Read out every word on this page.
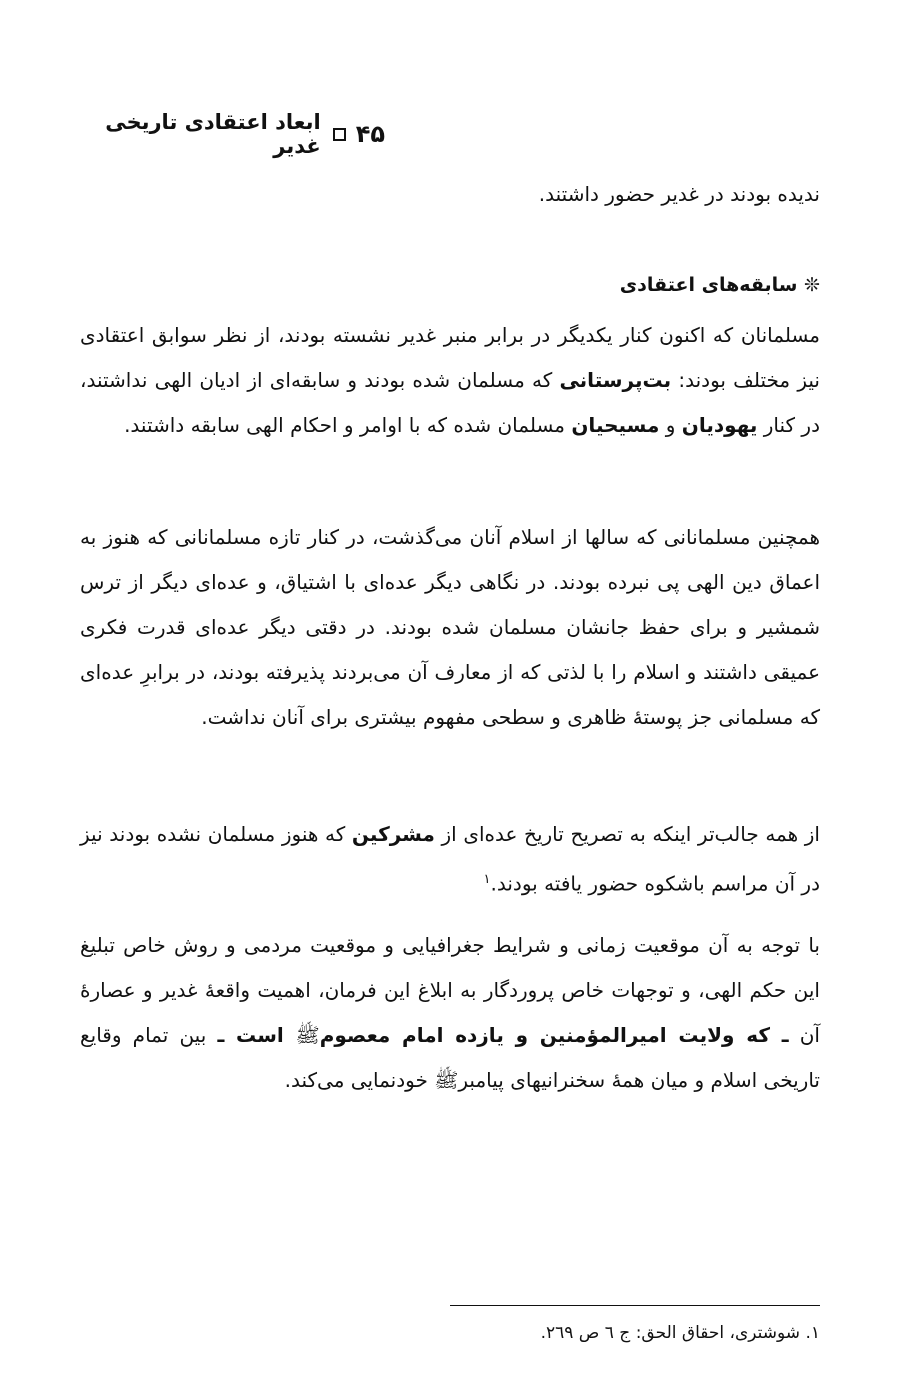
۴۵
ابعاد اعتقادی تاریخی غدیر
ندیده بودند در غدیر حضور داشتند.
❊ سابقه‌های اعتقادی
مسلمانان که اکنون کنار یکدیگر در برابر منبر غدیر نشسته بودند، از نظر سوابق اعتقادی نیز مختلف بودند: بت‌پرستانی که مسلمان شده بودند و سابقه‌ای از ادیان الهی نداشتند، در کنار یهودیان و مسیحیان مسلمان شده که با اوامر و احکام الهی سابقه داشتند.
همچنین مسلمانانی که سالها از اسلام آنان می‌گذشت، در کنار تازه مسلمانانی که هنوز به اعماق دین الهی پی نبرده بودند. در نگاهی دیگر عده‌ای با اشتیاق، و عده‌ای دیگر از ترس شمشیر و برای حفظ جانشان مسلمان شده بودند. در دقتی دیگر عده‌ای قدرت فکری عمیقی داشتند و اسلام را با لذتی که از معارف آن می‌بردند پذیرفته بودند، در برابرِ عده‌ای که مسلمانی جز پوستهٔ ظاهری و سطحی مفهوم بیشتری برای آنان نداشت.
از همه جالب‌تر اینکه به تصریح تاریخ عده‌ای از مشرکین که هنوز مسلمان نشده بودند نیز در آن مراسم باشکوه حضور یافته بودند.$^۱$
با توجه به آن موقعیت زمانی و شرایط جغرافیایی و موقعیت مردمی و روش خاص تبلیغ این حکم الهی، و توجهات خاص پروردگار به ابلاغ این فرمان، اهمیت واقعهٔ غدیر و عصارهٔ آن ـ که ولایت امیرالمؤمنین و یازده امام معصومﷺ است ـ بین تمام وقایع تاریخی اسلام و میان همهٔ سخنرانیهای پیامبرﷺ خودنمایی می‌کند.
۱. شوشتری، احقاق الحق: ج ٦ ص ۲٦۹.
